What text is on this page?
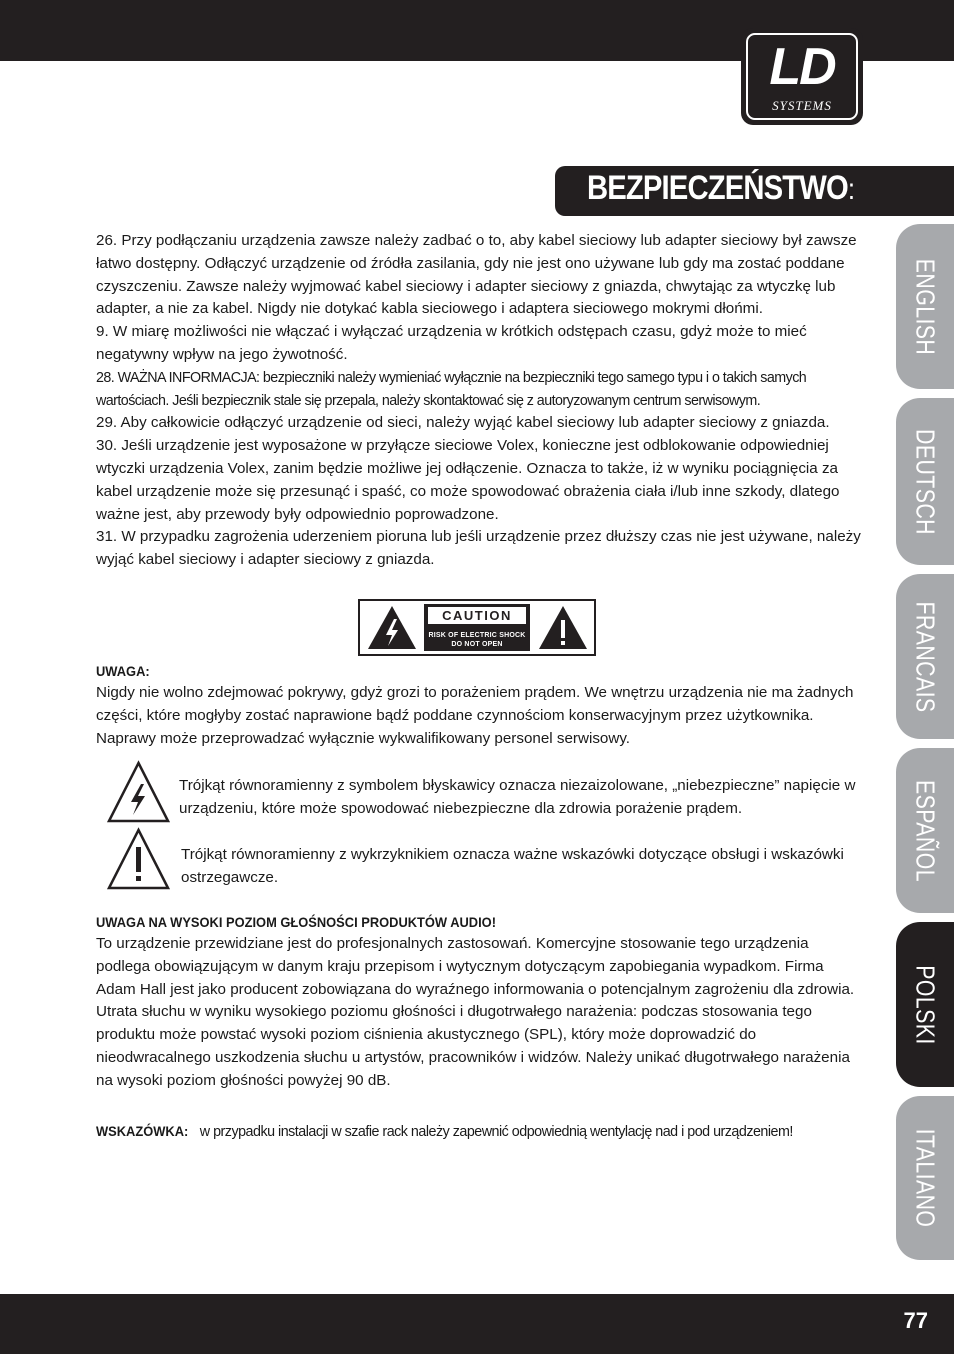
LD
SYSTEMS
BEZPIECZEŃSTWO:
ENGLISH
DEUTSCH
FRANCAIS
ESPAÑOL
POLSKI
ITALIANO

26. Przy podłączaniu urządzenia zawsze należy zadbać o to, aby kabel sieciowy lub adapter sieciowy był zawsze łatwo dostępny. Odłączyć urządzenie od źródła zasilania, gdy nie jest ono używane lub gdy ma zostać poddane czyszczeniu. Zawsze należy wyjmować kabel sieciowy i adapter sieciowy z gniazda, chwytając za wtyczkę lub adapter, a nie za kabel. Nigdy nie dotykać kabla sieciowego i adaptera sieciowego mokrymi dłońmi.

9. W miarę możliwości nie włączać i wyłączać urządzenia w krótkich odstępach czasu, gdyż może to mieć negatywny wpływ na jego żywotność.

28. WAŻNA INFORMACJA: bezpieczniki należy wymieniać wyłącznie na bezpieczniki tego samego typu i o takich samych wartościach. Jeśli bezpiecznik stale się przepala, należy skontaktować się z autoryzowanym centrum serwisowym.

29. Aby całkowicie odłączyć urządzenie od sieci, należy wyjąć kabel sieciowy lub adapter sieciowy z gniazda.

30. Jeśli urządzenie jest wyposażone w przyłącze sieciowe Volex, konieczne jest odblokowanie odpowiedniej wtyczki urządzenia Volex, zanim będzie możliwe jej odłączenie. Oznacza to także, iż w wyniku pociągnięcia za kabel urządzenie może się przesunąć i spaść, co może spowodować obrażenia ciała i/lub inne szkody, dlatego ważne jest, aby przewody były odpowiednio poprowadzone.

31. W przypadku zagrożenia uderzeniem pioruna lub jeśli urządzenie przez dłuższy czas nie jest używane, należy wyjąć kabel sieciowy i adapter sieciowy z gniazda.

CAUTION
RISK OF ELECTRIC SHOCK
DO NOT OPEN
UWAGA:

Nigdy nie wolno zdejmować pokrywy, gdyż grozi to porażeniem prądem. We wnętrzu urządzenia nie ma żadnych części, które mogłyby zostać naprawione bądź poddane czynnościom konserwacyjnym przez użytkownika. Naprawy może przeprowadzać wyłącznie wykwalifikowany personel serwisowy.

Trójkąt równoramienny z symbolem błyskawicy oznacza niezaizolowane, „niebezpieczne” napięcie w urządzeniu, które może spowodować niebezpieczne dla zdrowia porażenie prądem.
Trójkąt równoramienny z wykrzyknikiem oznacza ważne wskazówki dotyczące obsługi i wskazówki ostrzegawcze.
UWAGA NA WYSOKI POZIOM GŁOŚNOŚCI PRODUKTÓW AUDIO!

To urządzenie przewidziane jest do profesjonalnych zastosowań. Komercyjne stosowanie tego urządzenia podlega obowiązującym w danym kraju przepisom i wytycznym dotyczącym zapobiegania wypadkom. Firma Adam Hall jest jako producent zobowiązana do wyraźnego informowania o potencjalnym zagrożeniu dla zdrowia. Utrata słuchu w wyniku wysokiego poziomu głośności i długotrwałego narażenia: podczas stosowania tego produktu może powstać wysoki poziom ciśnienia akustycznego (SPL), który może doprowadzić do nieodwracalnego uszkodzenia słuchu u artystów, pracowników i widzów. Należy unikać długotrwałego narażenia na wysoki poziom głośności powyżej 90 dB.

WSKAZÓWKA: w przypadku instalacji w szafie rack należy zapewnić odpowiednią wentylację nad i pod urządzeniem!
77
